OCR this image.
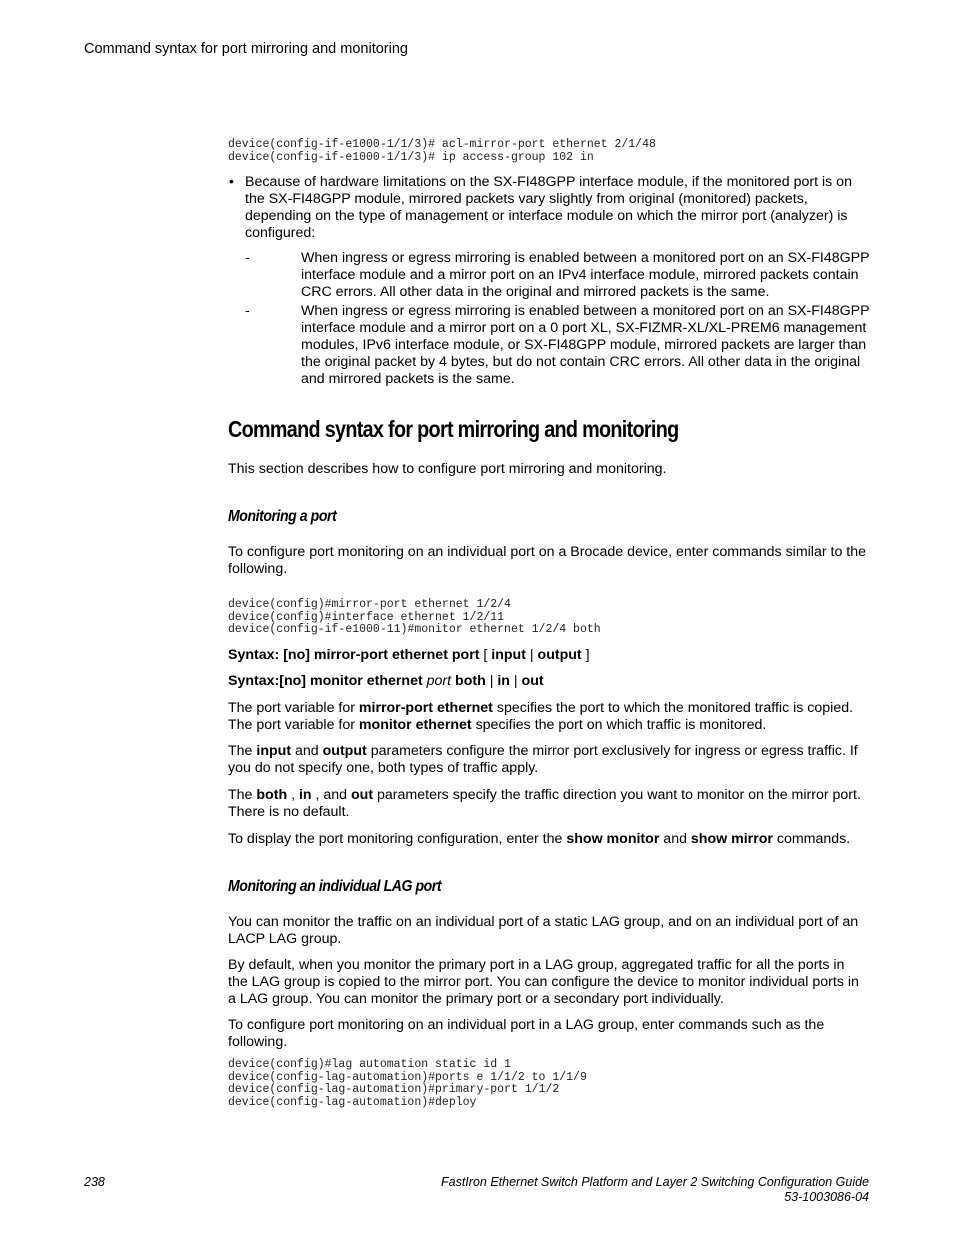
Command syntax for port mirroring and monitoring
device(config-if-e1000-1/1/3)# acl-mirror-port ethernet 2/1/48
device(config-if-e1000-1/1/3)# ip access-group 102 in
• Because of hardware limitations on the SX-FI48GPP interface module, if the monitored port is on the SX-FI48GPP module, mirrored packets vary slightly from original (monitored) packets, depending on the type of management or interface module on which the mirror port (analyzer) is configured:
-	When ingress or egress mirroring is enabled between a monitored port on an SX-FI48GPP interface module and a mirror port on an IPv4 interface module, mirrored packets contain CRC errors. All other data in the original and mirrored packets is the same.
-	When ingress or egress mirroring is enabled between a monitored port on an SX-FI48GPP interface module and a mirror port on a 0 port XL, SX-FIZMR-XL/XL-PREM6 management modules, IPv6 interface module, or SX-FI48GPP module, mirrored packets are larger than the original packet by 4 bytes, but do not contain CRC errors. All other data in the original and mirrored packets is the same.
Command syntax for port mirroring and monitoring
This section describes how to configure port mirroring and monitoring.
Monitoring a port
To configure port monitoring on an individual port on a Brocade device, enter commands similar to the following.
device(config)#mirror-port ethernet 1/2/4
device(config)#interface ethernet 1/2/11
device(config-if-e1000-11)#monitor ethernet 1/2/4 both
Syntax: [no] mirror-port ethernet port [ input | output ]
Syntax:[no] monitor ethernet port both | in | out
The port variable for mirror-port ethernet specifies the port to which the monitored traffic is copied. The port variable for monitor ethernet specifies the port on which traffic is monitored.
The input and output parameters configure the mirror port exclusively for ingress or egress traffic. If you do not specify one, both types of traffic apply.
The both , in , and out parameters specify the traffic direction you want to monitor on the mirror port. There is no default.
To display the port monitoring configuration, enter the show monitor and show mirror commands.
Monitoring an individual LAG port
You can monitor the traffic on an individual port of a static LAG group, and on an individual port of an LACP LAG group.
By default, when you monitor the primary port in a LAG group, aggregated traffic for all the ports in the LAG group is copied to the mirror port. You can configure the device to monitor individual ports in a LAG group. You can monitor the primary port or a secondary port individually.
To configure port monitoring on an individual port in a LAG group, enter commands such as the following.
device(config)#lag automation static id 1
device(config-lag-automation)#ports e 1/1/2 to 1/1/9
device(config-lag-automation)#primary-port 1/1/2
device(config-lag-automation)#deploy
238	FastIron Ethernet Switch Platform and Layer 2 Switching Configuration Guide
53-1003086-04
